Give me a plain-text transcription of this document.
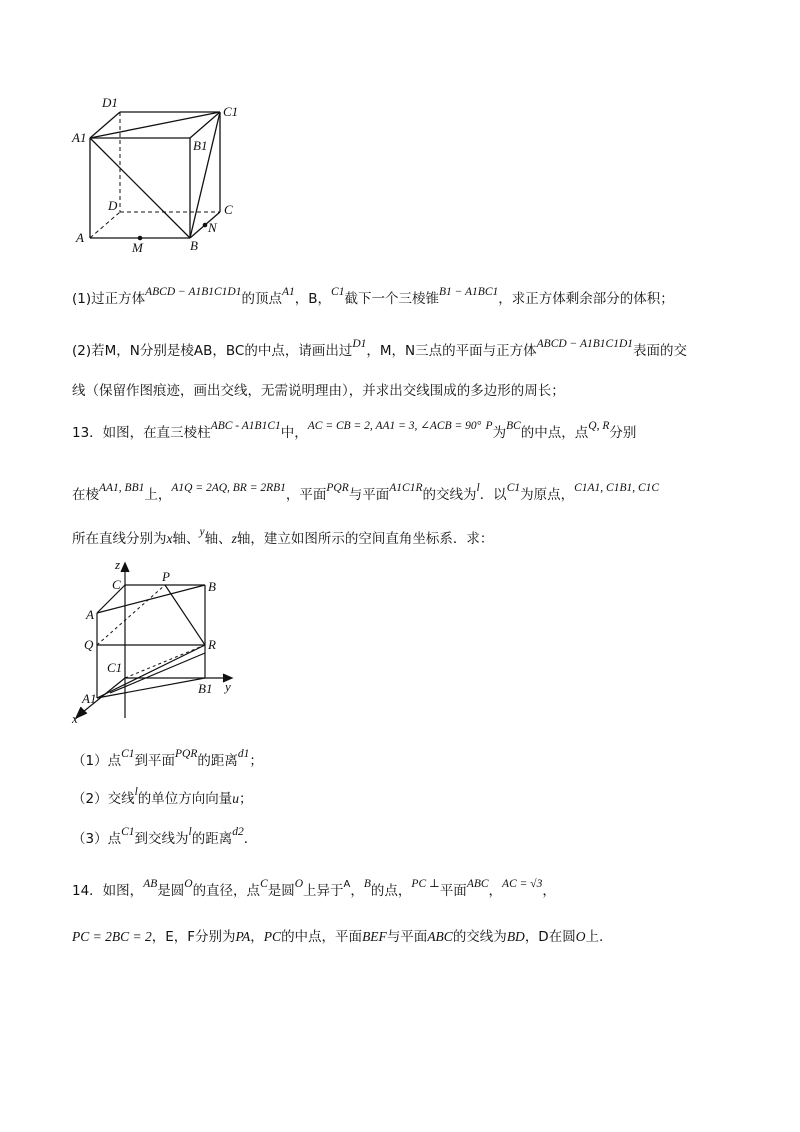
D1
C1
A1
B1
D	C
N
A
B
M
(1)过正方体ABCD − A1B1C1D1的顶点A1，B，C1截下一个三棱锥B1 − A1BC1，求正方体剩余部分的体积；
(2)若M，N分别是棱AB，BC的中点，请画出过D1，M，N三点的平面与正方体ABCD − A1B1C1D1表面的交
线（保留作图痕迹，画出交线，无需说明理由），并求出交线围成的多边形的周长；
13．如图，在直三棱柱ABC - A1B1C1中，AC = CB = 2, AA1 = 3, ∠ACB = 90° P为BC的中点，点Q, R分别
在棱AA1, BB1上，A1Q = 2AQ, BR = 2RB1，平面PQR与平面A1C1R的交线为l．以C1为原点，C1A1, C1B1, C1C
所在直线分别为x轴、y轴、z轴，建立如图所示的空间直角坐标系．求：
z
C
P
B
A
Q	R
C1
A1
B1 y
x
（1）点C1到平面PQR的距离d1；
（2）交线l的单位方向向量u；
（3）点C1到交线为l的距离d2．
14．如图，AB是圆O的直径，点C是圆O上异于$^A$，B的点，PC ⊥平面ABC，AC = √3，
PC = 2BC = 2，E，F分别为PA，PC的中点，平面BEF与平面ABC的交线为BD，D在圆O上.
